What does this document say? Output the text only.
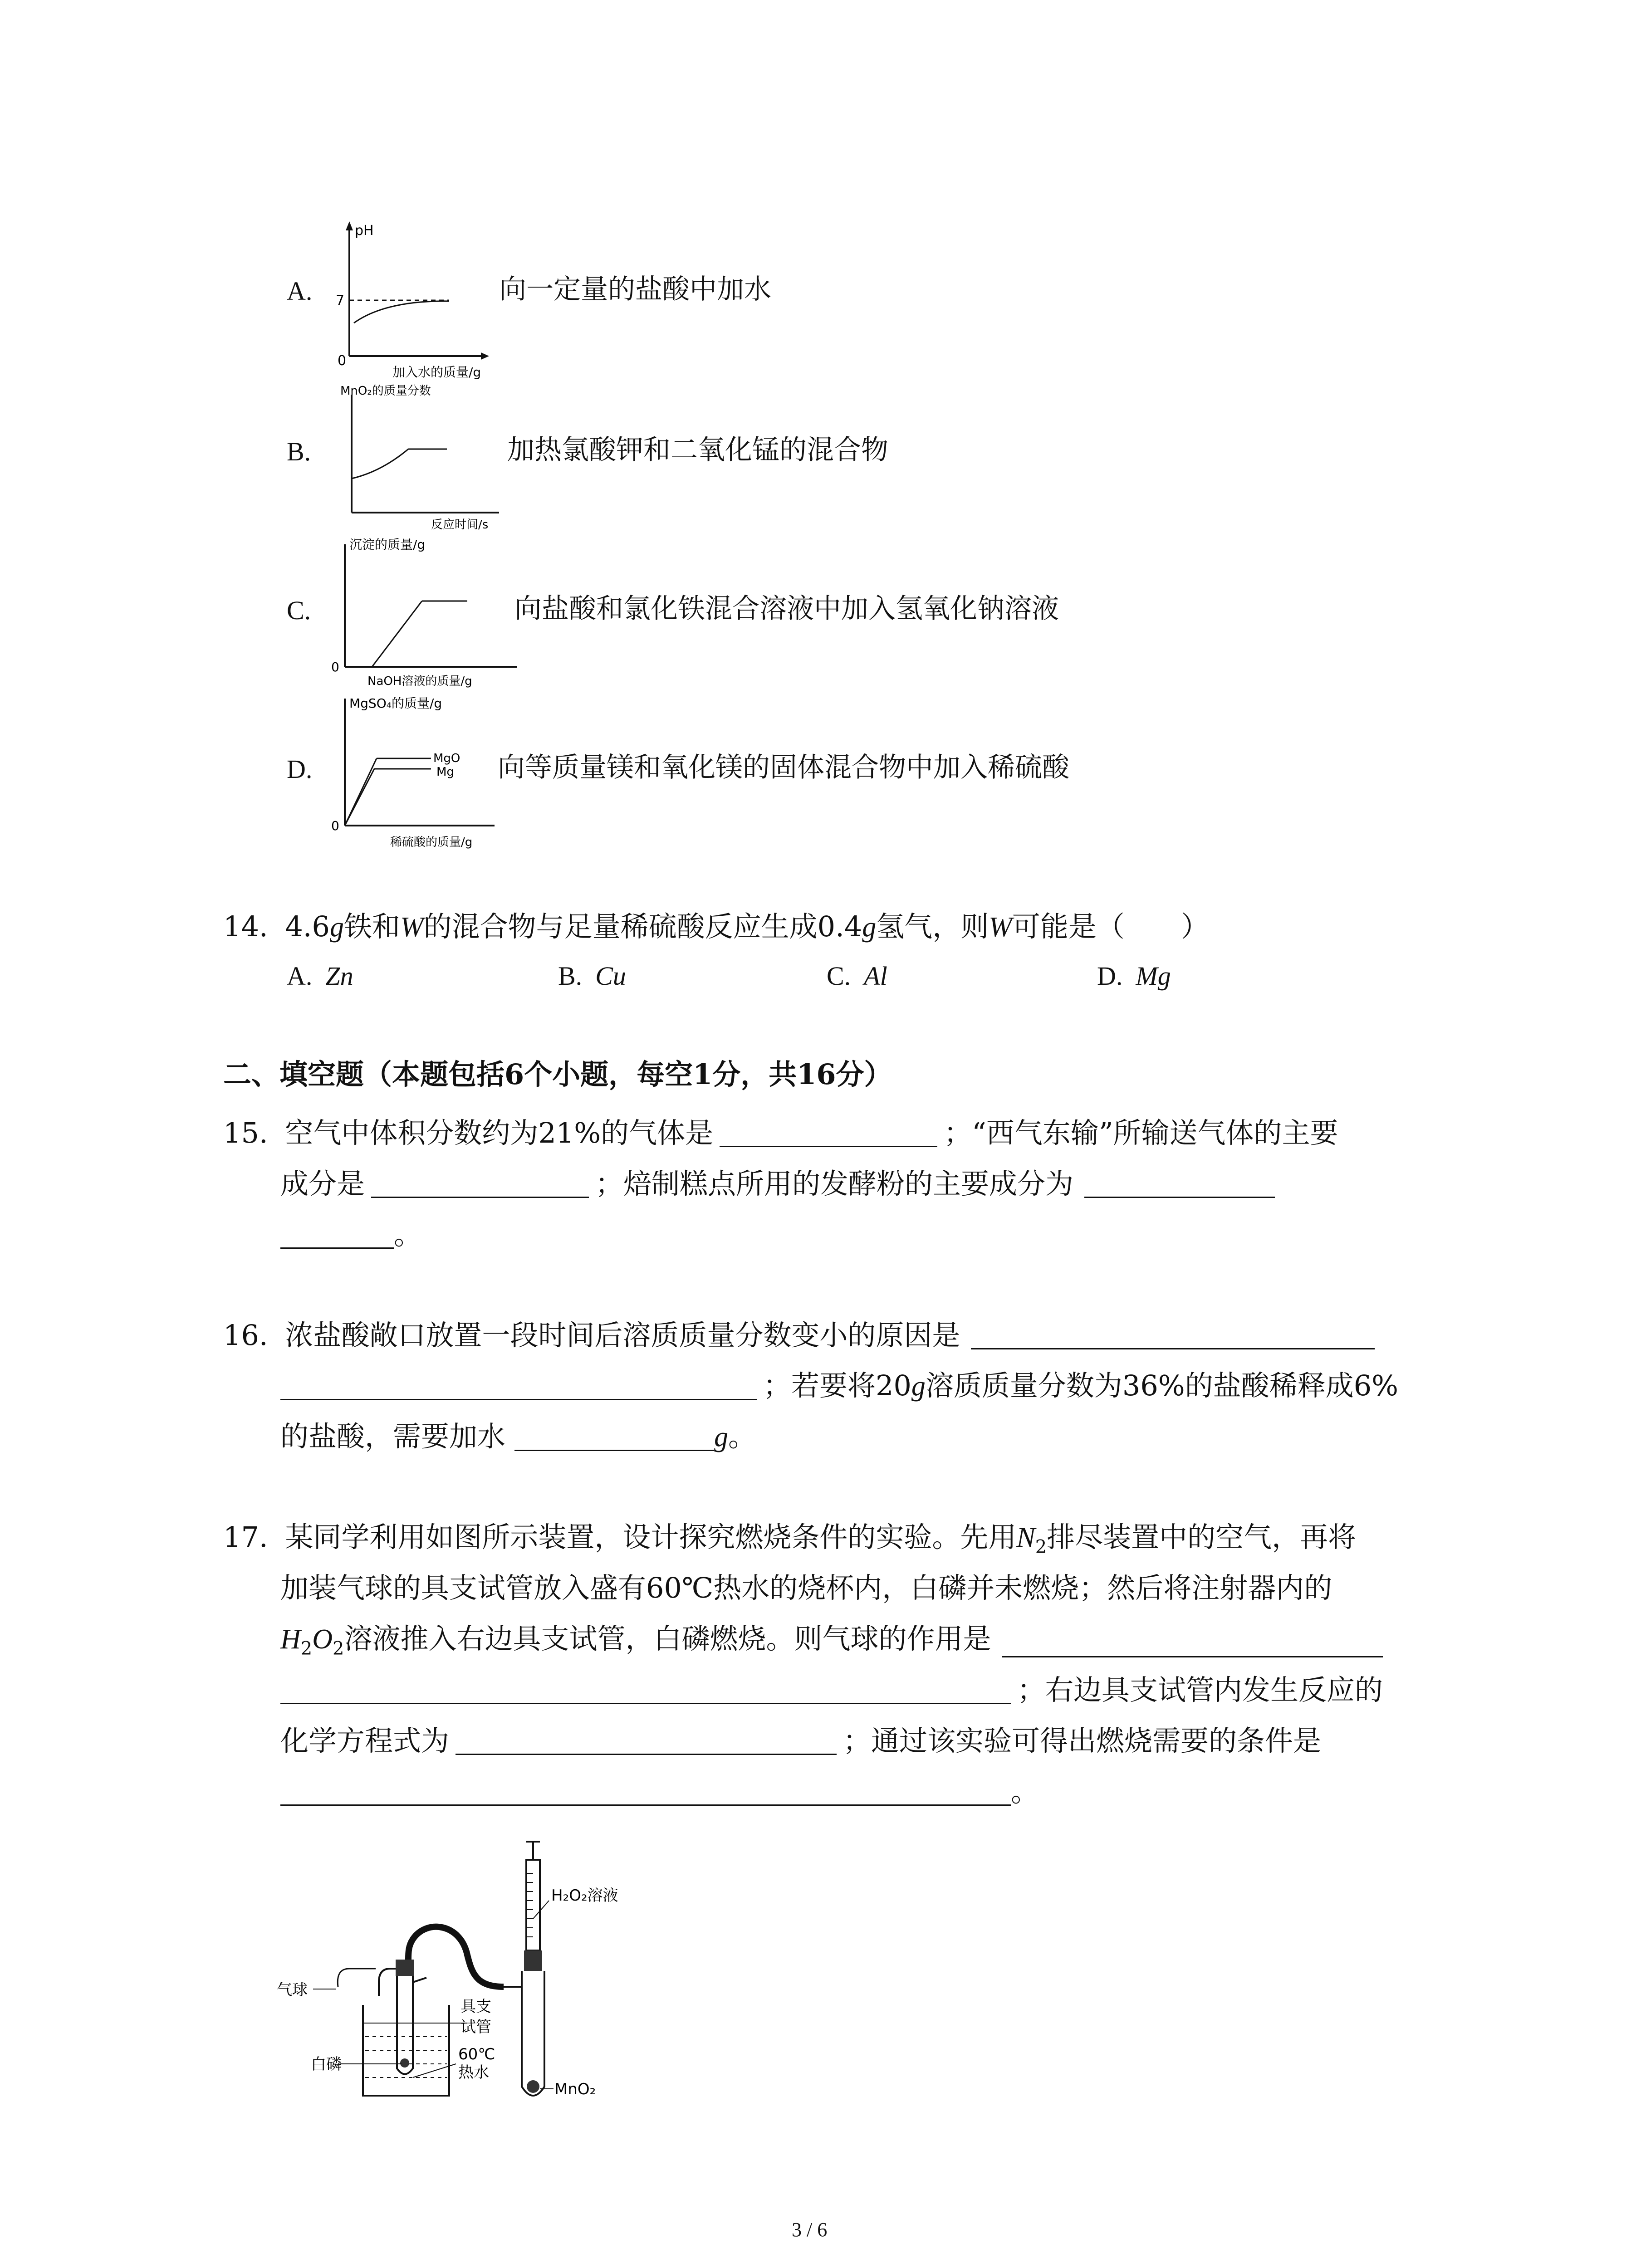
A.
pH
7
0
加入水的质量/g
向一定量的盐酸中加水
B.
MnO₂的质量分数
反应时间/s
加热氯酸钾和二氧化锰的混合物
C.
沉淀的质量/g
0
NaOH溶液的质量/g
向盐酸和氯化铁混合溶液中加入氢氧化钠溶液
D.
MgSO₄的质量/g
MgO
Mg
0
稀硫酸的质量/g
向等质量镁和氧化镁的固体混合物中加入稀硫酸
14. 4.6g铁和W的混合物与足量稀硫酸反应生成0.4g氢气，则W可能是（　　）
A. Zn	B. Cu	C. Al	D. Mg
二、填空题（本题包括6个小题，每空1分，共16分）
15. 空气中体积分数约为21%的气体是	；“西气东输”所输送气体的主要
成分是	；焙制糕点所用的发酵粉的主要成分为
。
16. 浓盐酸敞口放置一段时间后溶质质量分数变小的原因是
；若要将20g溶质质量分数为36%的盐酸稀释成6%
的盐酸，需要加水	g。
17. 某同学利用如图所示装置，设计探究燃烧条件的实验。先用$N_2$排尽装置中的空气，再将
加装气球的具支试管放入盛有60℃热水的烧杯内，白磷并未燃烧；然后将注射器内的
$H_2O_2$溶液推入右边具支试管，白磷燃烧。则气球的作用是
；右边具支试管内发生反应的
化学方程式为	；通过该实验可得出燃烧需要的条件是
。
H₂O₂溶液
MnO₂
气球
具支
试管
白磷
60℃
热水
3 / 6
